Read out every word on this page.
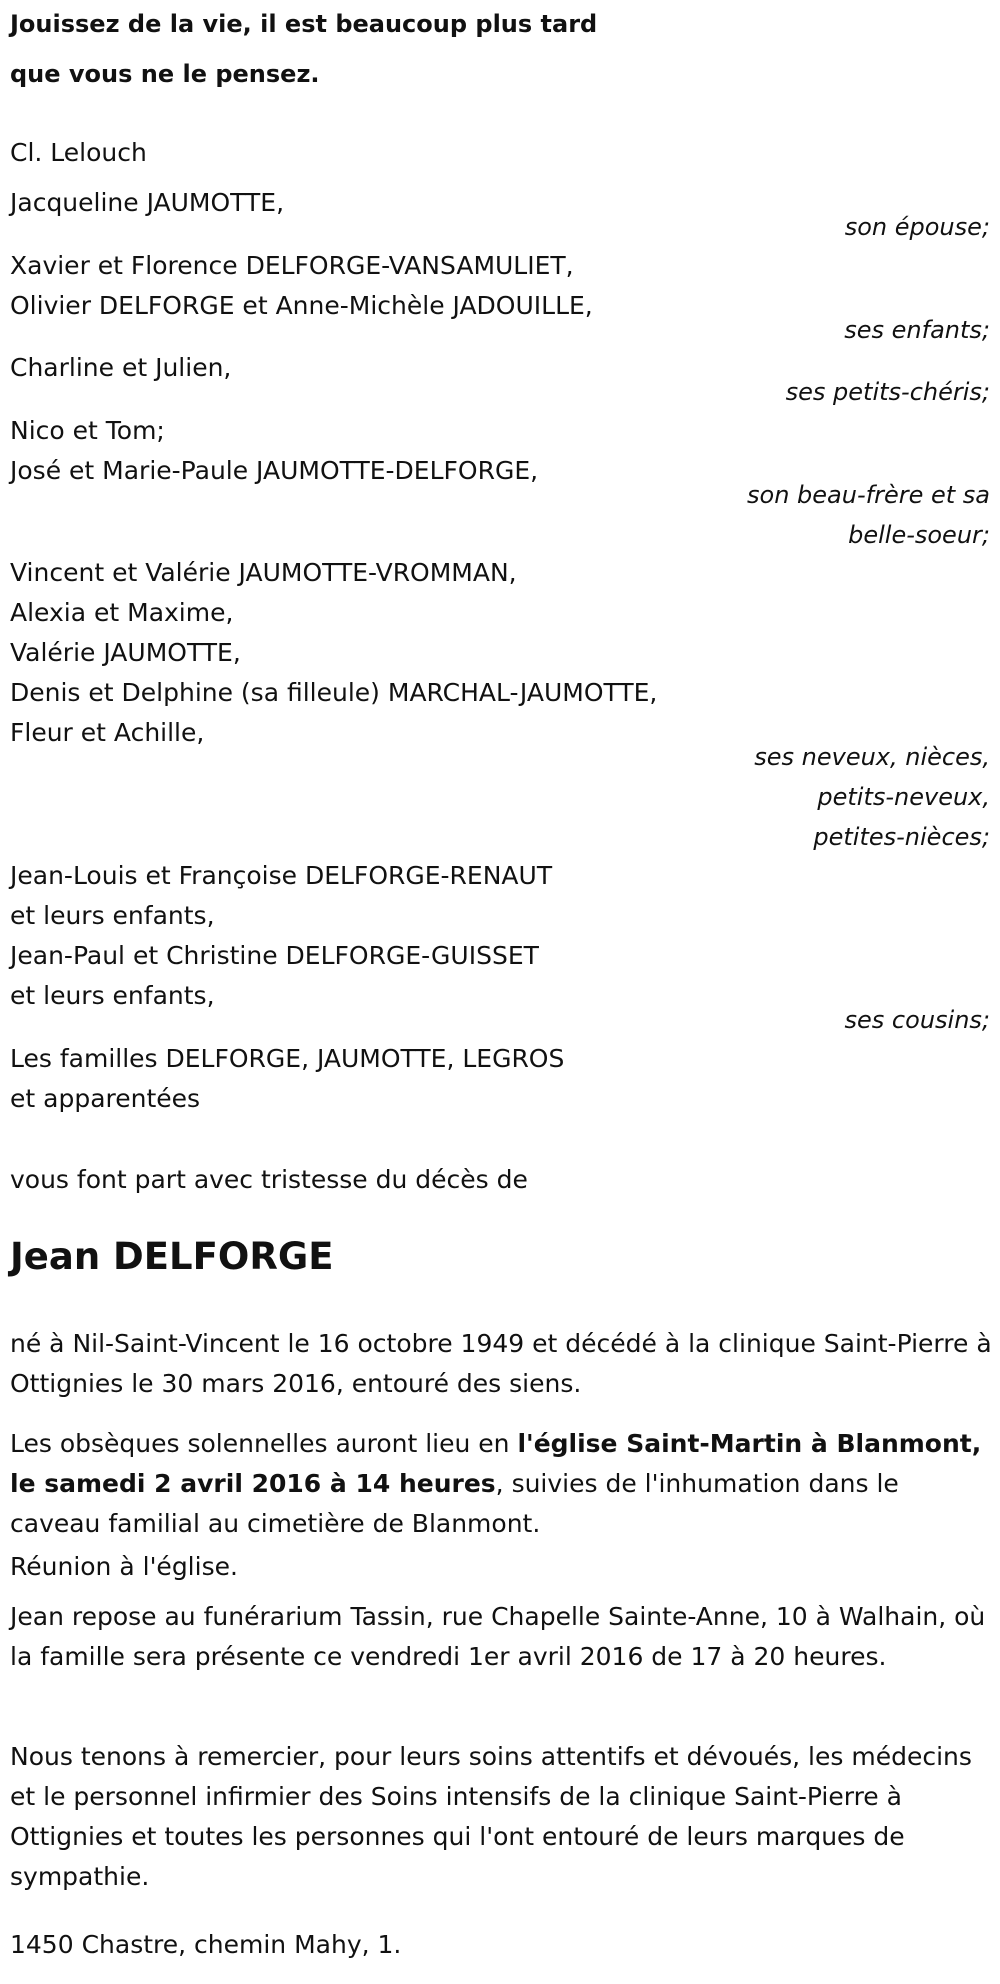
Jouissez de la vie, il est beaucoup plus tard
que vous ne le pensez.
Cl. Lelouch
Jacqueline JAUMOTTE,
son épouse;
Xavier et Florence DELFORGE-VANSAMULIET,
Olivier DELFORGE et Anne-Michèle JADOUILLE,
ses enfants;
Charline et Julien,
ses petits-chéris;
Nico et Tom;
José et Marie-Paule JAUMOTTE-DELFORGE,
son beau-frère et sa
belle-soeur;
Vincent et Valérie JAUMOTTE-VROMMAN,
Alexia et Maxime,
Valérie JAUMOTTE,
Denis et Delphine (sa filleule) MARCHAL-JAUMOTTE,
Fleur et Achille,
ses neveux, nièces,
petits-neveux,
petites-nièces;
Jean-Louis et Françoise DELFORGE-RENAUT
et leurs enfants,
Jean-Paul et Christine DELFORGE-GUISSET
et leurs enfants,
ses cousins;
Les familles DELFORGE, JAUMOTTE, LEGROS
et apparentées
vous font part avec tristesse du décès de
Jean DELFORGE
né à Nil-Saint-Vincent le 16 octobre 1949 et décédé à la clinique Saint-Pierre à Ottignies le 30 mars 2016, entouré des siens.
Les obsèques solennelles auront lieu en l'église Saint-Martin à Blanmont, le samedi 2 avril 2016 à 14 heures, suivies de l'inhumation dans le caveau familial au cimetière de Blanmont.
Réunion à l'église.
Jean repose au funérarium Tassin, rue Chapelle Sainte-Anne, 10 à Walhain, où la famille sera présente ce vendredi 1er avril 2016 de 17 à 20 heures.
Nous tenons à remercier, pour leurs soins attentifs et dévoués, les médecins et le personnel infirmier des Soins intensifs de la clinique Saint-Pierre à Ottignies et toutes les personnes qui l'ont entouré de leurs marques de sympathie.
1450 Chastre, chemin Mahy, 1.
